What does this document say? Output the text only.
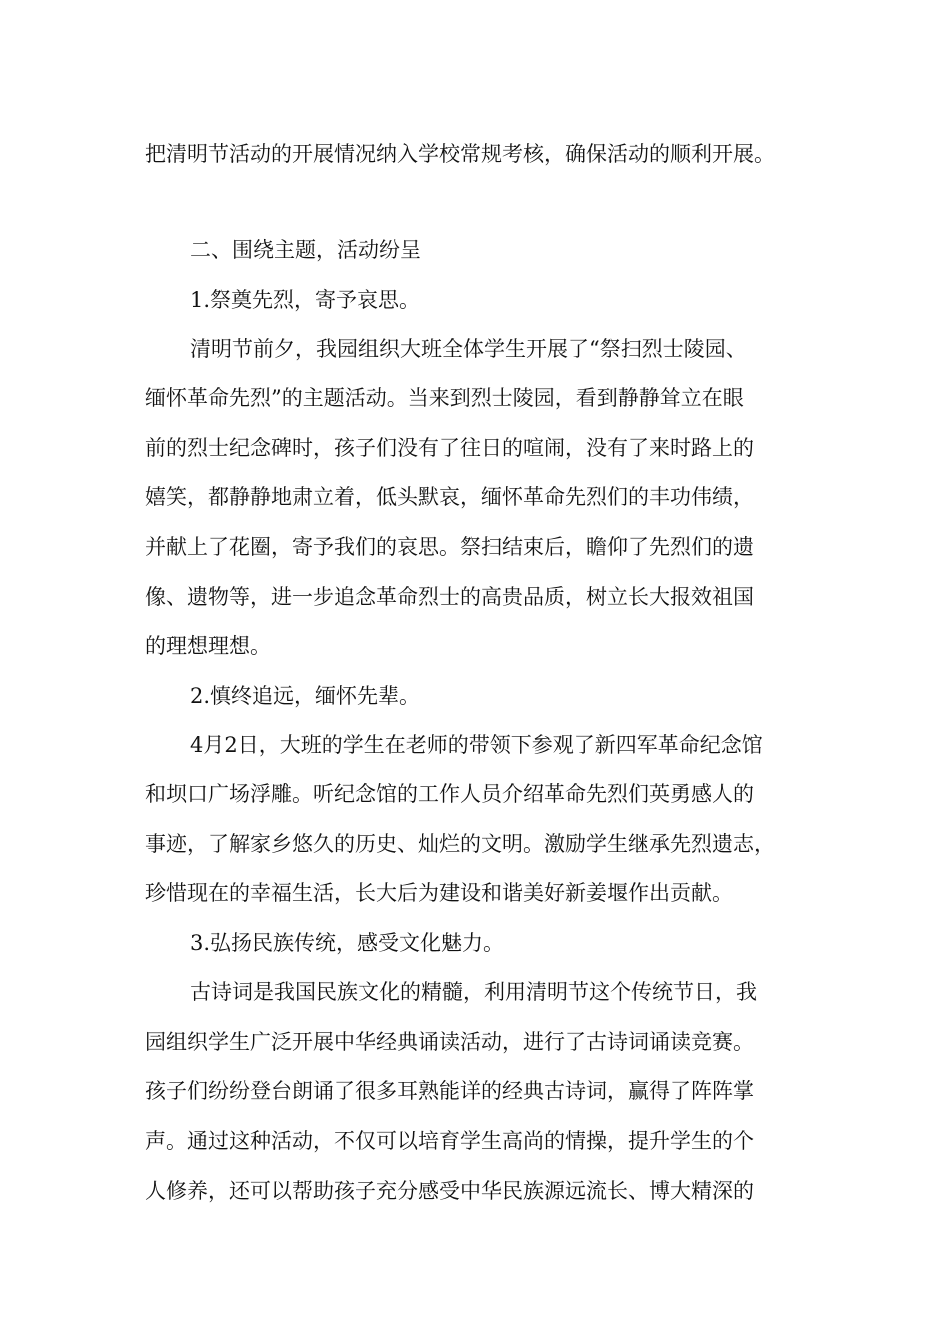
把清明节活动的开展情况纳入学校常规考核，确保活动的顺利开展。
二、围绕主题，活动纷呈
1.祭奠先烈，寄予哀思。
清明节前夕，我园组织大班全体学生开展了“祭扫烈士陵园、
缅怀革命先烈”的主题活动。当来到烈士陵园，看到静静耸立在眼
前的烈士纪念碑时，孩子们没有了往日的喧闹，没有了来时路上的
嬉笑，都静静地肃立着，低头默哀，缅怀革命先烈们的丰功伟绩，
并献上了花圈，寄予我们的哀思。祭扫结束后，瞻仰了先烈们的遗
像、遗物等，进一步追念革命烈士的高贵品质，树立长大报效祖国
的理想理想。
2.慎终追远，缅怀先辈。
4月2日，大班的学生在老师的带领下参观了新四军革命纪念馆
和坝口广场浮雕。听纪念馆的工作人员介绍革命先烈们英勇感人的
事迹，了解家乡悠久的历史、灿烂的文明。激励学生继承先烈遗志，
珍惜现在的幸福生活，长大后为建设和谐美好新姜堰作出贡献。
3.弘扬民族传统，感受文化魅力。
古诗词是我国民族文化的精髓，利用清明节这个传统节日，我
园组织学生广泛开展中华经典诵读活动，进行了古诗词诵读竞赛。
孩子们纷纷登台朗诵了很多耳熟能详的经典古诗词，赢得了阵阵掌
声。通过这种活动，不仅可以培育学生高尚的情操，提升学生的个
人修养，还可以帮助孩子充分感受中华民族源远流长、博大精深的
